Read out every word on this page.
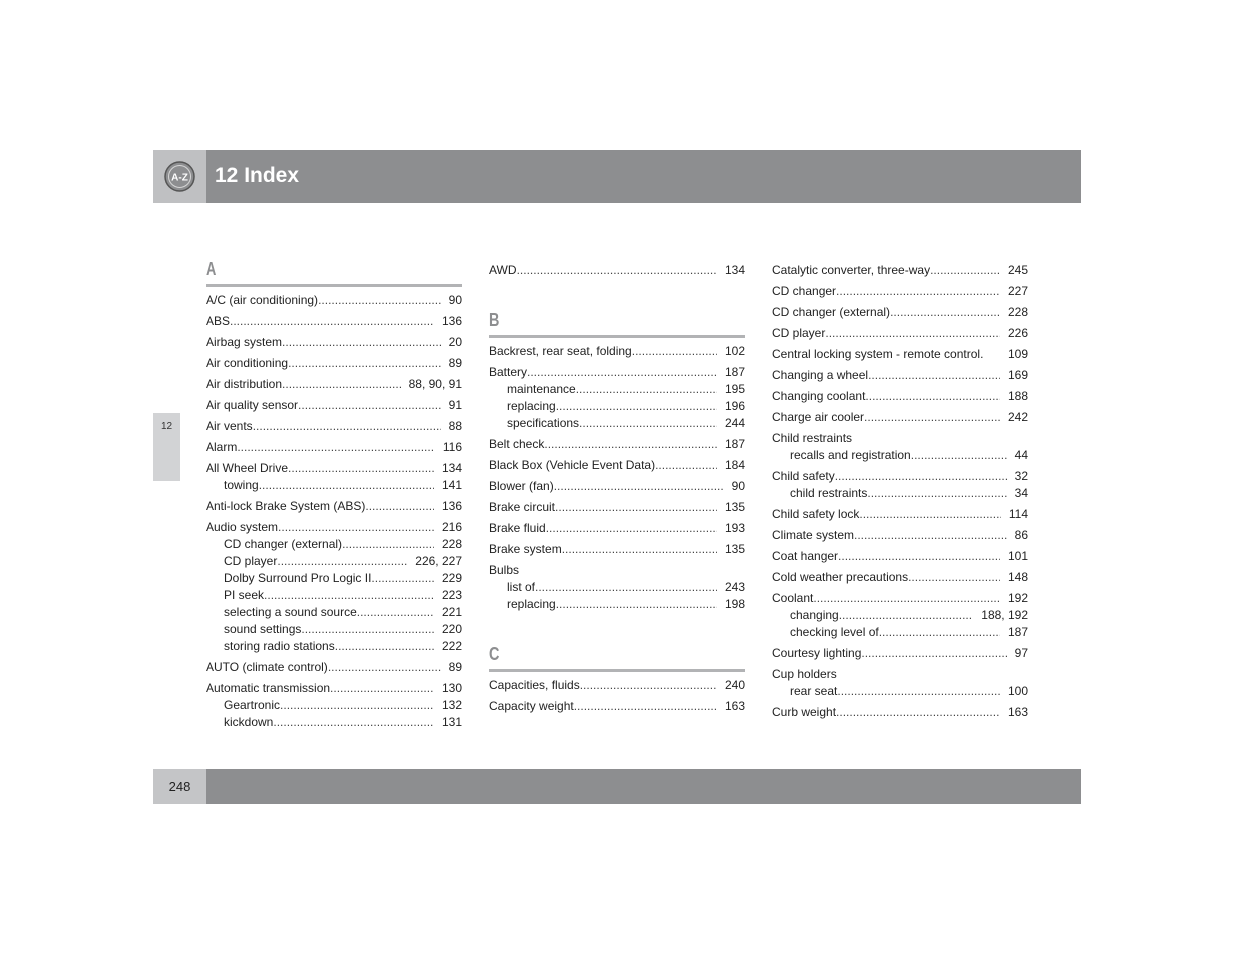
A-Z 12 Index
12
A
A/C (air conditioning) .....	90
ABS .....	136
Airbag system .....	20
Air conditioning .....	89
Air distribution .....	88, 90, 91
Air quality sensor .....	91
Air vents .....	88
Alarm .....	116
All Wheel Drive .....	134
towing .....	141
Anti-lock Brake System (ABS) .....	136
Audio system .....	216
CD changer (external) .....	228
CD player .....	226, 227
Dolby Surround Pro Logic II .....	229
PI seek .....	223
selecting a sound source .....	221
sound settings .....	220
storing radio stations .....	222
AUTO (climate control) .....	89
Automatic transmission .....	130
Geartronic .....	132
kickdown .....	131
AWD .....	134
B
Backrest, rear seat, folding .....	102
Battery .....	187
maintenance .....	195
replacing .....	196
specifications .....	244
Belt check .....	187
Black Box (Vehicle Event Data) .....	184
Blower (fan) .....	90
Brake circuit .....	135
Brake fluid .....	193
Brake system .....	135
Bulbs
list of .....	243
replacing .....	198
C
Capacities, fluids .....	240
Capacity weight .....	163
Catalytic converter, three-way .....	245
CD changer .....	227
CD changer (external) .....	228
CD player .....	226
Central locking system - remote control.	109
Changing a wheel .....	169
Changing coolant .....	188
Charge air cooler .....	242
Child restraints
recalls and registration .....	44
Child safety .....	32
child restraints .....	34
Child safety lock .....	114
Climate system .....	86
Coat hanger .....	101
Cold weather precautions .....	148
Coolant .....	192
changing .....	188, 192
checking level of .....	187
Courtesy lighting .....	97
Cup holders
rear seat .....	100
Curb weight .....	163
248
